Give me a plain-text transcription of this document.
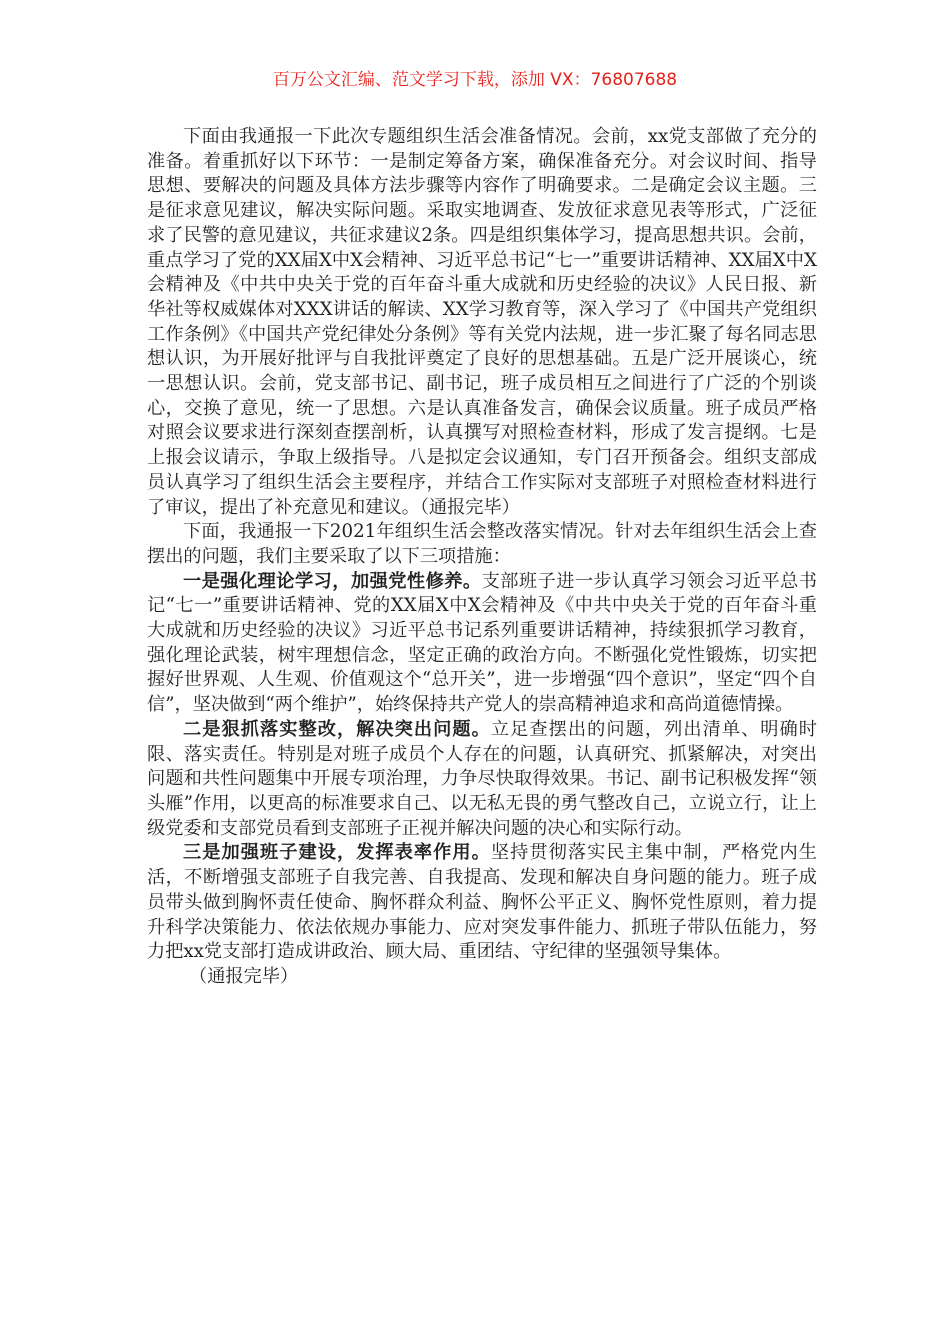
百万公文汇编、范文学习下载，添加 VX：76807688

下面由我通报一下此次专题组织生活会准备情况。会前，xx党支部做了充分的准备。着重抓好以下环节：一是制定筹备方案，确保准备充分。对会议时间、指导思想、要解决的问题及具体方法步骤等内容作了明确要求。二是确定会议主题。三是征求意见建议，解决实际问题。采取实地调查、发放征求意见表等形式，广泛征求了民警的意见建议，共征求建议2条。四是组织集体学习，提高思想共识。会前，重点学习了党的XX届X中X会精神、习近平总书记“七一”重要讲话精神、XX届X中X会精神及《中共中央关于党的百年奋斗重大成就和历史经验的决议》人民日报、新华社等权威媒体对XXX讲话的解读、XX学习教育等，深入学习了《中国共产党组织工作条例》《中国共产党纪律处分条例》等有关党内法规，进一步汇聚了每名同志思想认识，为开展好批评与自我批评奠定了良好的思想基础。五是广泛开展谈心，统一思想认识。会前，党支部书记、副书记，班子成员相互之间进行了广泛的个别谈心，交换了意见，统一了思想。六是认真准备发言，确保会议质量。班子成员严格对照会议要求进行深刻查摆剖析，认真撰写对照检查材料，形成了发言提纲。七是上报会议请示，争取上级指导。八是拟定会议通知，专门召开预备会。组织支部成员认真学习了组织生活会主要程序，并结合工作实际对支部班子对照检查材料进行了审议，提出了补充意见和建议。（通报完毕）

下面，我通报一下2021年组织生活会整改落实情况。针对去年组织生活会上查摆出的问题，我们主要采取了以下三项措施：

一是强化理论学习，加强党性修养。支部班子进一步认真学习领会习近平总书记“七一”重要讲话精神、党的XX届X中X会精神及《中共中央关于党的百年奋斗重大成就和历史经验的决议》习近平总书记系列重要讲话精神，持续狠抓学习教育，强化理论武装，树牢理想信念，坚定正确的政治方向。不断强化党性锻炼，切实把握好世界观、人生观、价值观这个“总开关”，进一步增强“四个意识”，坚定“四个自信”，坚决做到“两个维护”，始终保持共产党人的崇高精神追求和高尚道德情操。

二是狠抓落实整改，解决突出问题。立足查摆出的问题，列出清单、明确时限、落实责任。特别是对班子成员个人存在的问题，认真研究、抓紧解决，对突出问题和共性问题集中开展专项治理，力争尽快取得效果。书记、副书记积极发挥“领头雁”作用，以更高的标准要求自己、以无私无畏的勇气整改自己，立说立行，让上级党委和支部党员看到支部班子正视并解决问题的决心和实际行动。

三是加强班子建设，发挥表率作用。坚持贯彻落实民主集中制，严格党内生活，不断增强支部班子自我完善、自我提高、发现和解决自身问题的能力。班子成员带头做到胸怀责任使命、胸怀群众利益、胸怀公平正义、胸怀党性原则，着力提升科学决策能力、依法依规办事能力、应对突发事件能力、抓班子带队伍能力，努力把xx党支部打造成讲政治、顾大局、重团结、守纪律的坚强领导集体。

（通报完毕）
